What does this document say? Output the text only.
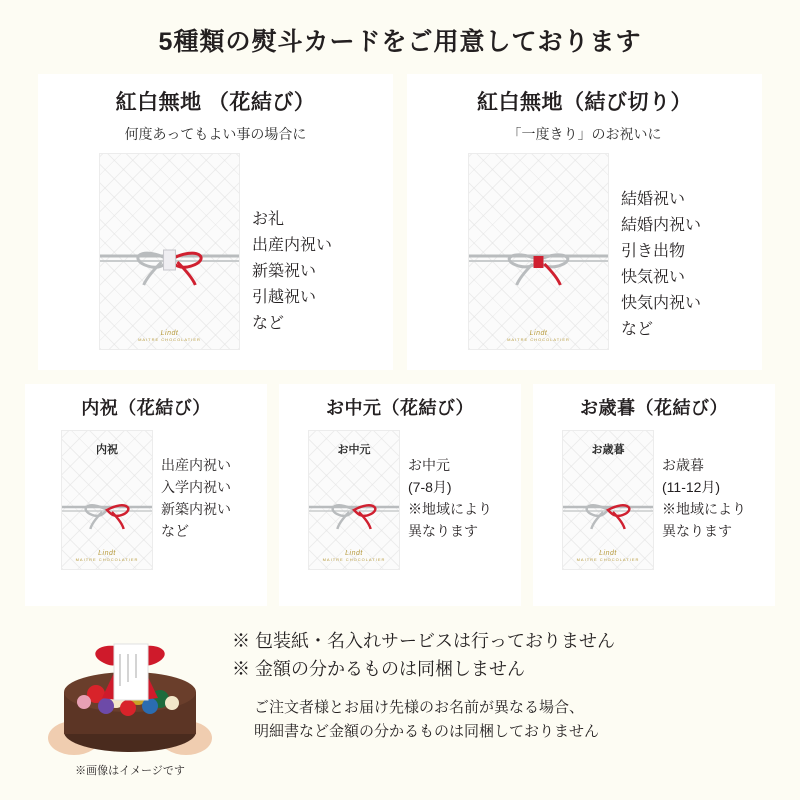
5種類の熨斗カードをご用意しております
紅白無地 （花結び）
何度あってもよい事の場合に
Lindt
MAITRE CHOCOLATIER
お礼
出産内祝い
新築祝い
引越祝い
など
紅白無地（結び切り）
「一度きり」のお祝いに
Lindt
MAITRE CHOCOLATIER
結婚祝い
結婚内祝い
引き出物
快気祝い
快気内祝い
など
内祝（花結び）
内祝
Lindt
MAITRE CHOCOLATIER
出産内祝い
入学内祝い
新築内祝い
など
お中元（花結び）
お中元
Lindt
MAITRE CHOCOLATIER
お中元
(7-8月)
※地域により
異なります
お歳暮（花結び）
お歳暮
Lindt
MAITRE CHOCOLATIER
お歳暮
(11-12月)
※地域により
異なります
※画像はイメージです
※ 包装紙・名入れサービスは行っておりません
※ 金額の分かるものは同梱しません
ご注文者様とお届け先様のお名前が異なる場合、
明細書など金額の分かるものは同梱しておりません
